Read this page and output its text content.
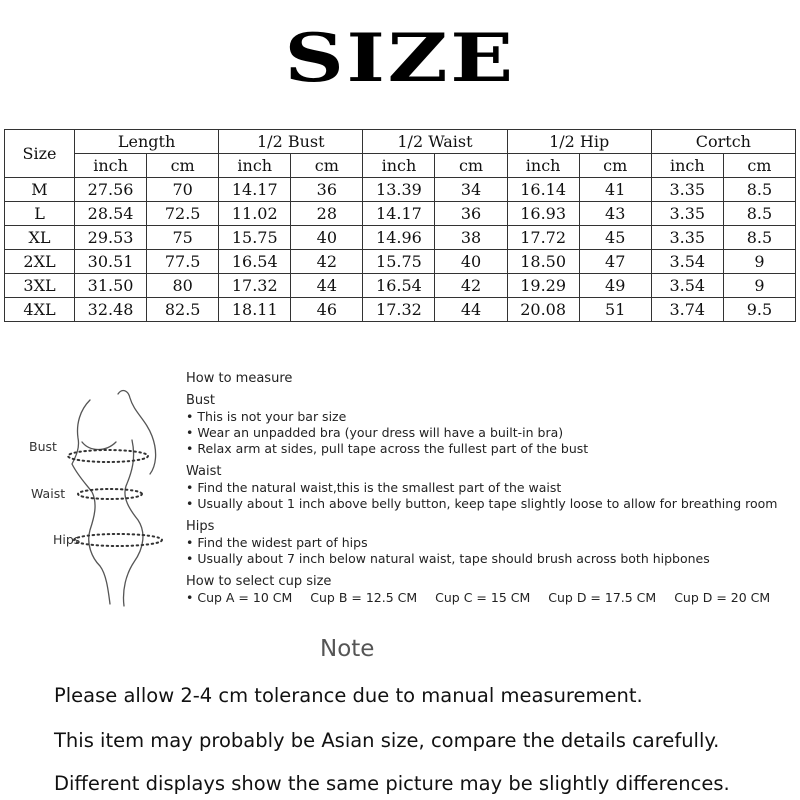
SIZE
Size	Length		1/2 Bust		1/2 Waist		1/2 Hip		Cortch	
	inch	cm	inch	cm	inch	cm	inch	cm	inch	cm
M	27.56	70	14.17	36	13.39	34	16.14	41	3.35	8.5
L	28.54	72.5	11.02	28	14.17	36	16.93	43	3.35	8.5
XL	29.53	75	15.75	40	14.96	38	17.72	45	3.35	8.5
2XL	30.51	77.5	16.54	42	15.75	40	18.50	47	3.54	9
3XL	31.50	80	17.32	44	16.54	42	19.29	49	3.54	9
4XL	32.48	82.5	18.11	46	17.32	44	20.08	51	3.74	9.5
Bust
Waist
Hips
How to measure
Bust
• This is not your bar size
• Wear an unpadded bra (your dress will have a built-in bra)
• Relax arm at sides, pull tape across the fullest part of the bust
Waist
• Find the natural waist,this is the smallest part of the waist
• Usually about 1 inch above belly button, keep tape slightly loose to allow for breathing room
Hips
• Find the widest part of hips
• Usually about 7 inch below natural waist, tape should brush across both hipbones
How to select cup size
• Cup A = 10 CM Cup B = 12.5 CM Cup C = 15 CM Cup D = 17.5 CM Cup D = 20 CM
Note
Please allow 2-4 cm tolerance due to manual measurement.
This item may probably be Asian size, compare the details carefully.
Different displays show the same picture may be slightly differences.
